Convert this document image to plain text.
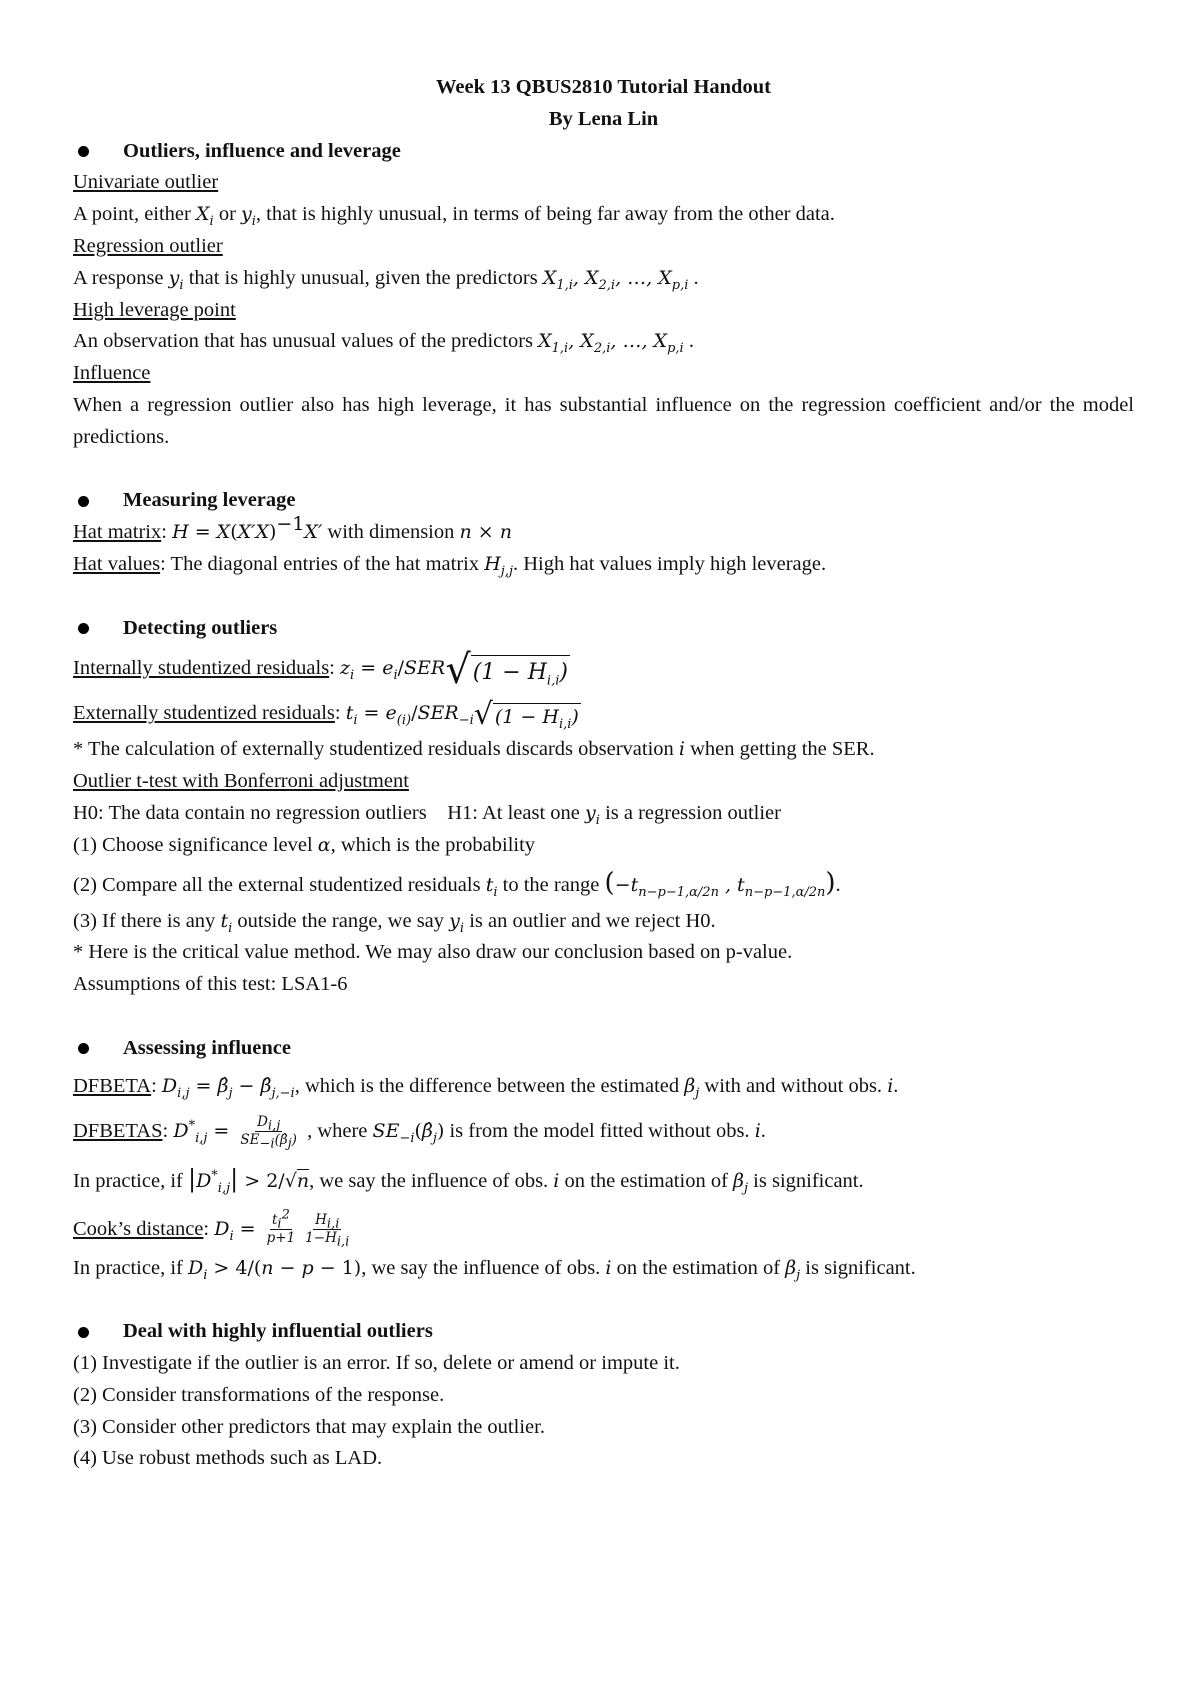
Week 13 QBUS2810 Tutorial Handout
By Lena Lin
Outliers, influence and leverage
Univariate outlier
A point, either $X_i$ or $y_i$, that is highly unusual, in terms of being far away from the other data.
Regression outlier
A response $y_i$ that is highly unusual, given the predictors $X_{1,i}$, $X_{2,i}$, …, $X_{p,i}$ .
High leverage point
An observation that has unusual values of the predictors $X_{1,i}$, $X_{2,i}$, …, $X_{p,i}$ .
Influence
When a regression outlier also has high leverage, it has substantial influence on the regression coefficient and/or the model predictions.
Measuring leverage
Hat matrix: $H = X(X'X)^{-1}X'$ with dimension n × n
Hat values: The diagonal entries of the hat matrix $H_{j,j}$. High hat values imply high leverage.
Detecting outliers
Internally studentized residuals: $z_i = e_i/SER$ √ $(1 - H_{i,i})$
Externally studentized residuals: $t_i = e_{(i)}/SER_{-i}$ √ $(1 - H_{i,i})$
* The calculation of externally studentized residuals discards observation i when getting the SER.
Outlier t-test with Bonferroni adjustment
H0: The data contain no regression outliers H1: At least one $y_i$ is a regression outlier
(1) Choose significance level α, which is the probability
(2) Compare all the external studentized residuals $t_i$ to the range ($-t_{n-p-1,\alpha/2n}$ , $t_{n-p-1,\alpha/2n}$).
(3) If there is any $t_i$ outside the range, we say $y_i$ is an outlier and we reject H0.
* Here is the critical value method. We may also draw our conclusion based on p-value.
Assumptions of this test: LSA1-6
Assessing influence
DFBETA: $D_{i,j}$ = $\betâ_j$ − $\betâ_{j,-i}$, which is the difference between the estimated $\beta_j$ with and without obs. i.
DFBETAS: $D^*_{i,j} = \frac{D_{i,j}}{SE_{-i}(\betâ_j)}$ , where $SE_{-i}(\betâ_j)$ is from the model fitted without obs. i.
In practice, if $|D^*_{i,j}| > 2/√n$, we say the influence of obs. i on the estimation of $\beta_j$ is significant.
Cook’s distance: $D_i = \frac{t_i^2}{p+1} \frac{H_{i,i}}{1-H_{i,i}}$
In practice, if $D_i > 4/(n - p - 1)$, we say the influence of obs. i on the estimation of $\beta_j$ is significant.
Deal with highly influential outliers
(1) Investigate if the outlier is an error. If so, delete or amend or impute it.
(2) Consider transformations of the response.
(3) Consider other predictors that may explain the outlier.
(4) Use robust methods such as LAD.
